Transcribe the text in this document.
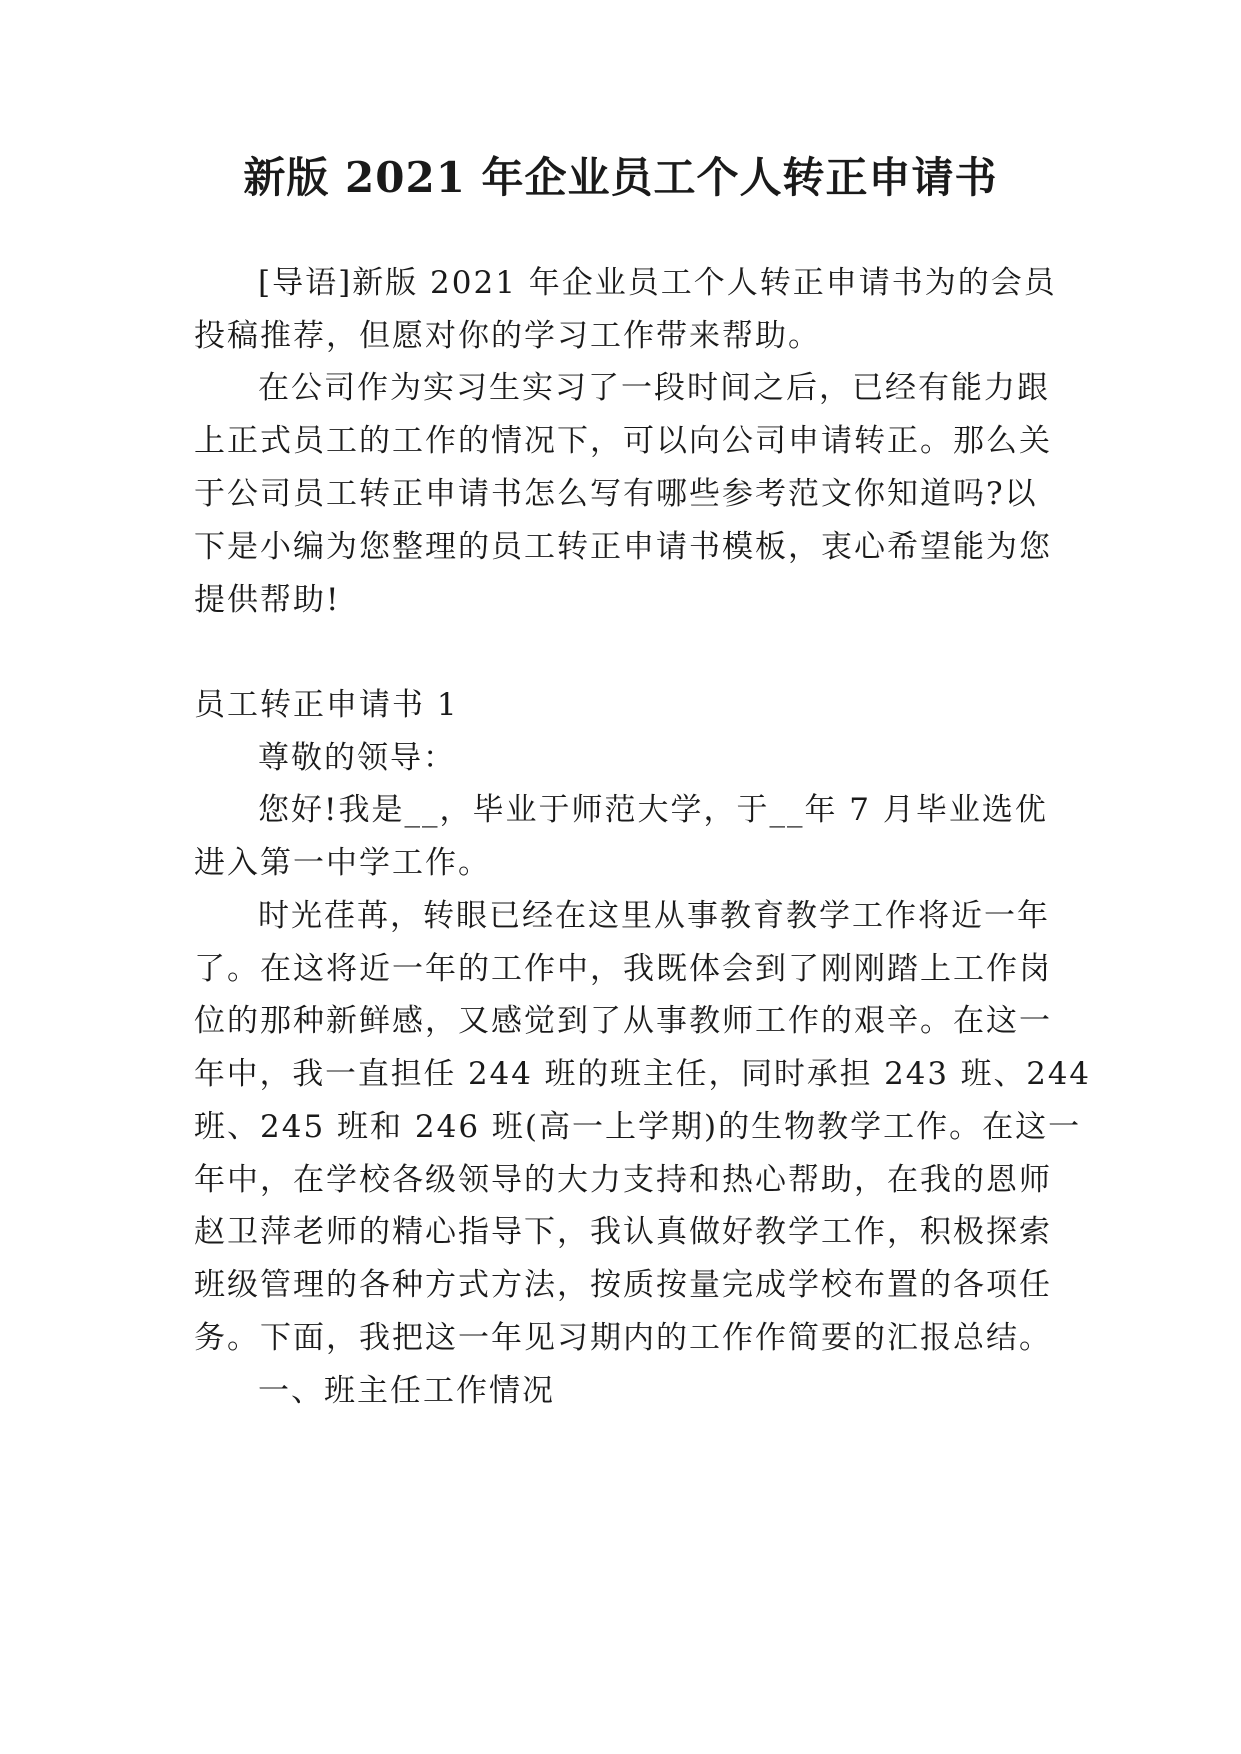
新版 2021 年企业员工个人转正申请书

[导语]新版 2021 年企业员工个人转正申请书为的会员

投稿推荐，但愿对你的学习工作带来帮助。

在公司作为实习生实习了一段时间之后，已经有能力跟

上正式员工的工作的情况下，可以向公司申请转正。那么关

于公司员工转正申请书怎么写有哪些参考范文你知道吗?以

下是小编为您整理的员工转正申请书模板，衷心希望能为您

提供帮助!

员工转正申请书 1

尊敬的领导：

您好!我是__，毕业于师范大学，于__年 7 月毕业选优

进入第一中学工作。

时光荏苒，转眼已经在这里从事教育教学工作将近一年

了。在这将近一年的工作中，我既体会到了刚刚踏上工作岗

位的那种新鲜感，又感觉到了从事教师工作的艰辛。在这一

年中，我一直担任 244 班的班主任，同时承担 243 班、244

班、245 班和 246 班(高一上学期)的生物教学工作。在这一

年中，在学校各级领导的大力支持和热心帮助，在我的恩师

赵卫萍老师的精心指导下，我认真做好教学工作，积极探索

班级管理的各种方式方法，按质按量完成学校布置的各项任

务。下面，我把这一年见习期内的工作作简要的汇报总结。

一、班主任工作情况
